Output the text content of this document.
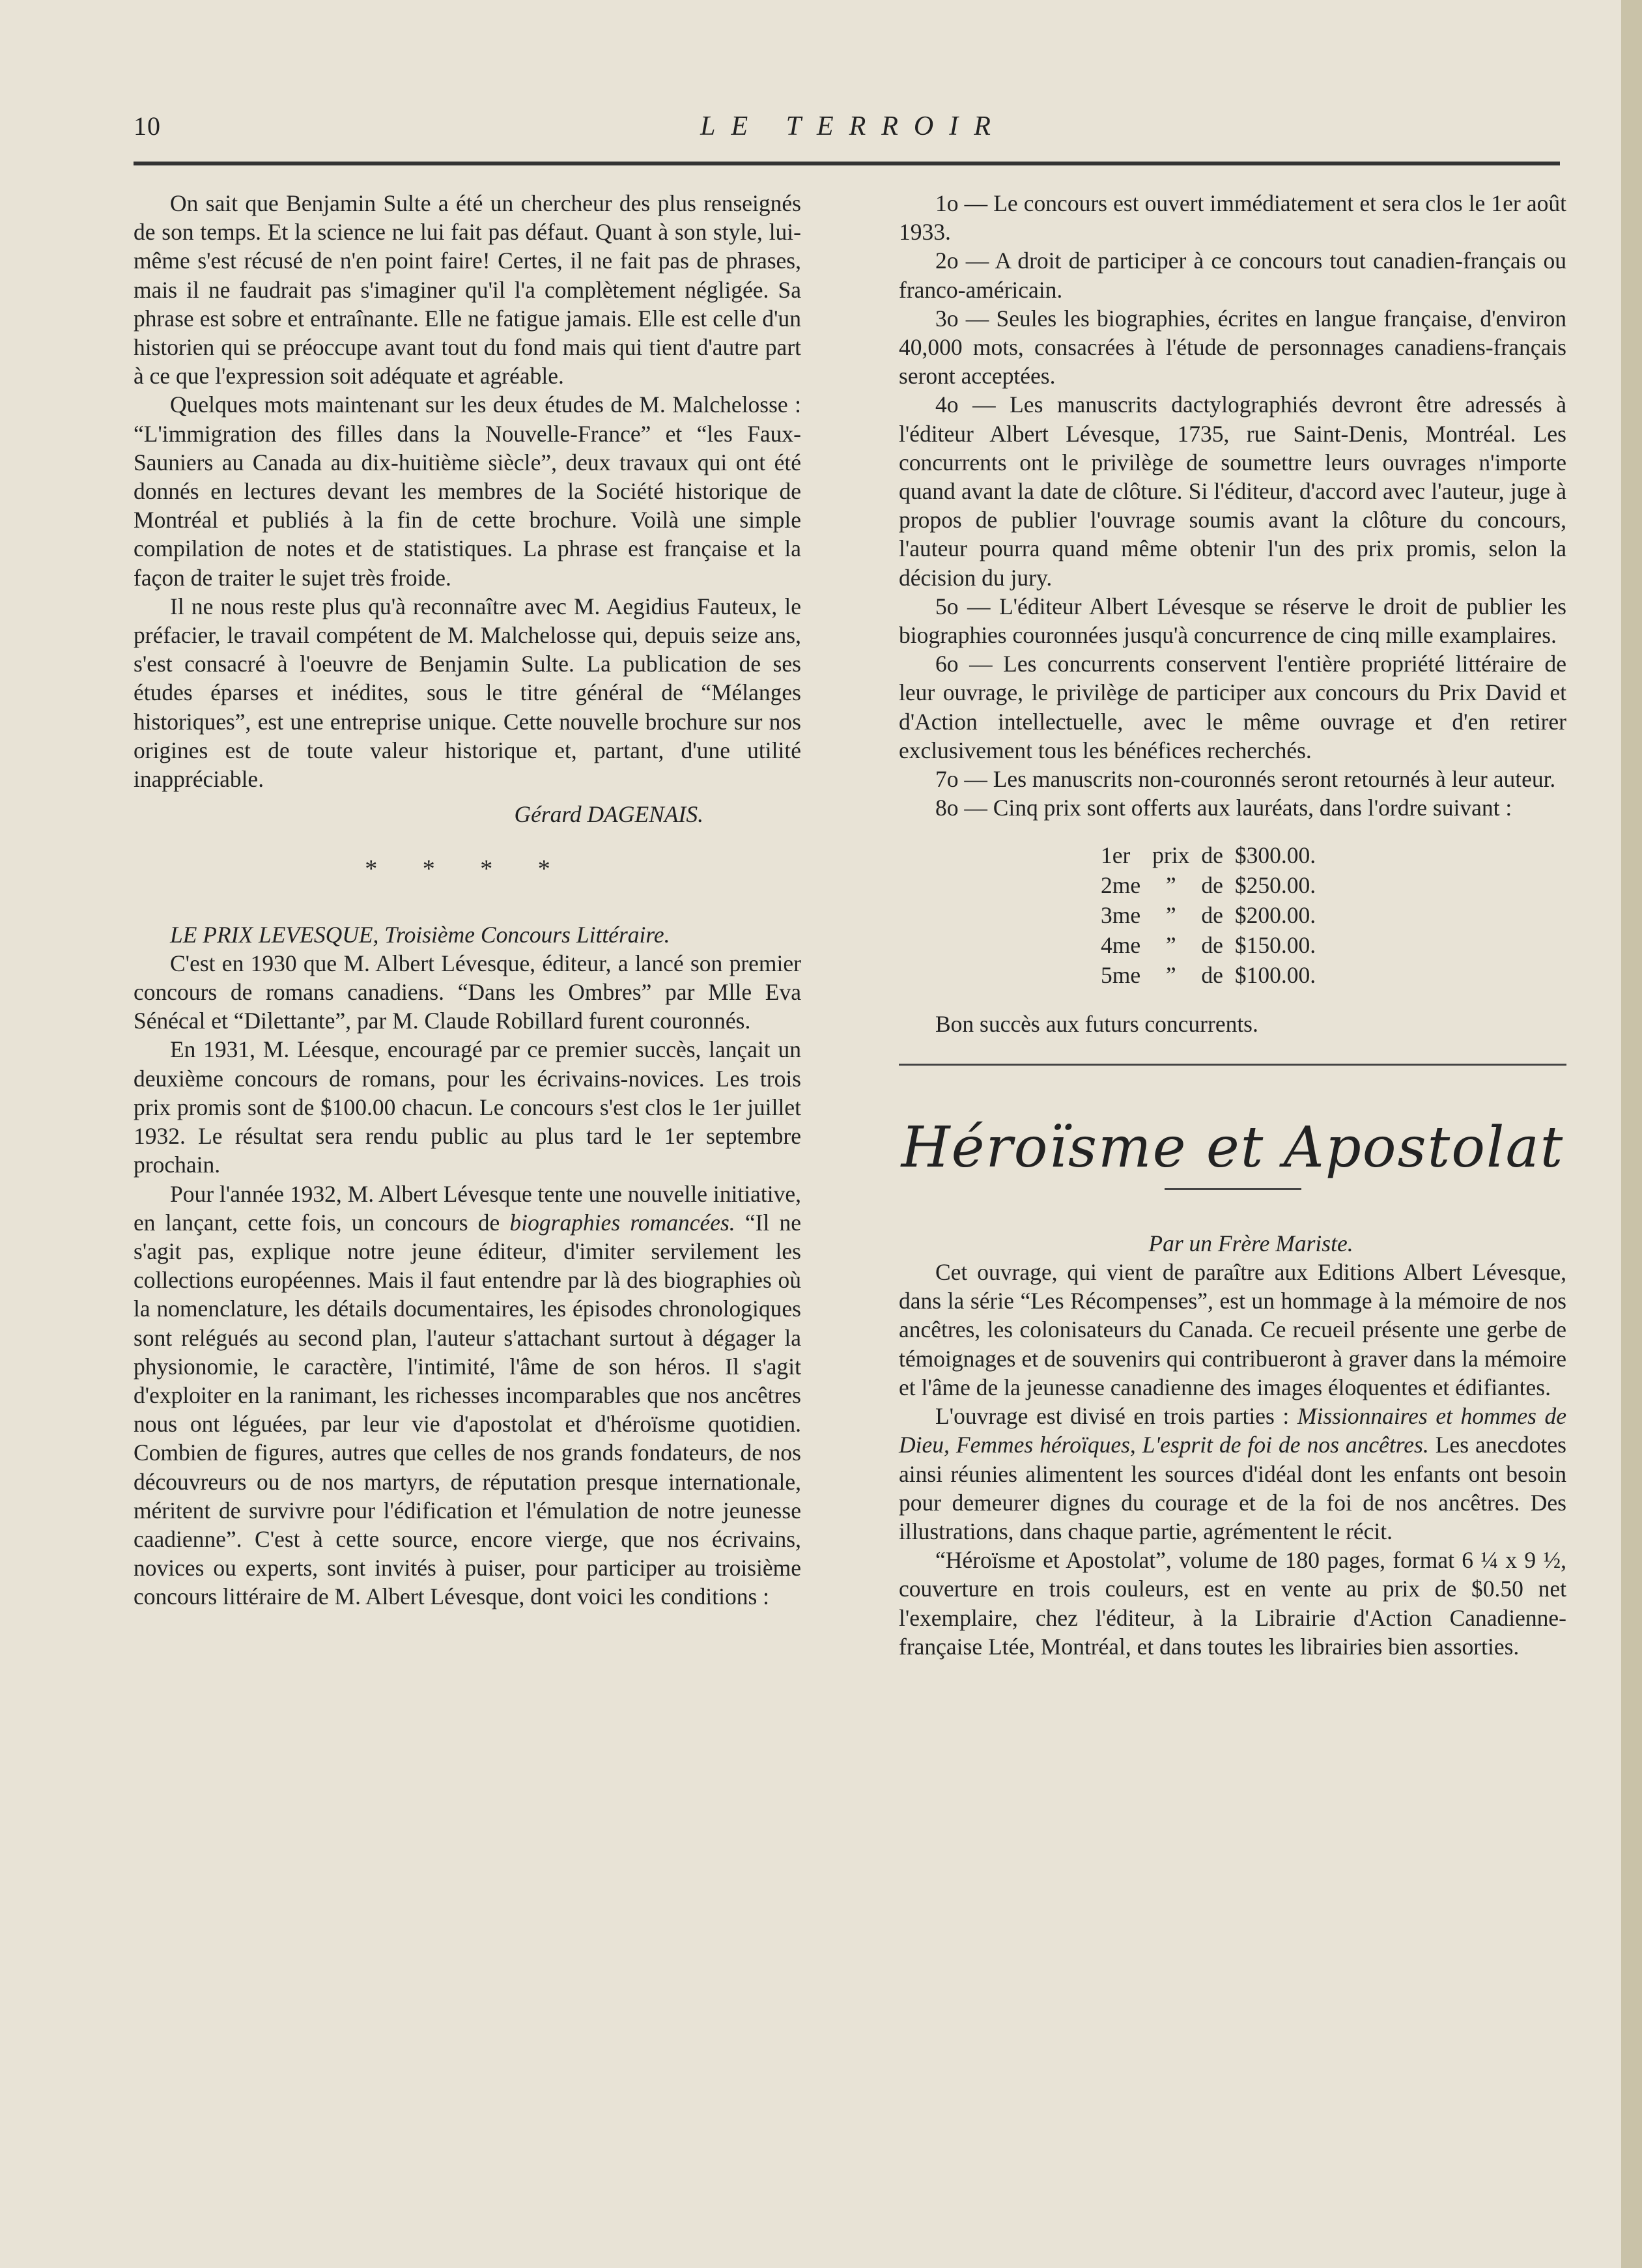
10	LE TERROIR

On sait que Benjamin Sulte a été un chercheur des plus renseignés de son temps. Et la science ne lui fait pas défaut. Quant à son style, lui-même s'est récusé de n'en point faire! Certes, il ne fait pas de phrases, mais il ne faudrait pas s'imaginer qu'il l'a complètement négligée. Sa phrase est sobre et entraînante. Elle ne fatigue jamais. Elle est celle d'un historien qui se préoccupe avant tout du fond mais qui tient d'autre part à ce que l'expression soit adéquate et agréable.

Quelques mots maintenant sur les deux études de M. Malchelosse : “L'immigration des filles dans la Nouvelle-France” et “les Faux-Sauniers au Canada au dix-huitième siècle”, deux travaux qui ont été donnés en lectures devant les membres de la Société historique de Montréal et publiés à la fin de cette brochure. Voilà une simple compilation de notes et de statistiques. La phrase est française et la façon de traiter le sujet très froide.

Il ne nous reste plus qu'à reconnaître avec M. Aegidius Fauteux, le préfacier, le travail compétent de M. Malchelosse qui, depuis seize ans, s'est consacré à l'oeuvre de Benjamin Sulte. La publication de ses études éparses et inédites, sous le titre général de “Mélanges historiques”, est une entreprise unique. Cette nouvelle brochure sur nos origines est de toute valeur historique et, partant, d'une utilité inappréciable.

Gérard DAGENAIS.
* * * *

LE PRIX LEVESQUE, Troisième Concours Littéraire.

C'est en 1930 que M. Albert Lévesque, éditeur, a lancé son premier concours de romans canadiens. “Dans les Ombres” par Mlle Eva Sénécal et “Dilettante”, par M. Claude Robillard furent couronnés.

En 1931, M. Léesque, encouragé par ce premier succès, lançait un deuxième concours de romans, pour les écrivains-novices. Les trois prix promis sont de $100.00 chacun. Le concours s'est clos le 1er juillet 1932. Le résultat sera rendu public au plus tard le 1er septembre prochain.

Pour l'année 1932, M. Albert Lévesque tente une nouvelle initiative, en lançant, cette fois, un concours de biographies romancées. “Il ne s'agit pas, explique notre jeune éditeur, d'imiter servilement les collections européennes. Mais il faut entendre par là des biographies où la nomenclature, les détails documentaires, les épisodes chronologiques sont relégués au second plan, l'auteur s'attachant surtout à dégager la physionomie, le caractère, l'intimité, l'âme de son héros. Il s'agit d'exploiter en la ranimant, les richesses incomparables que nos ancêtres nous ont léguées, par leur vie d'apostolat et d'héroïsme quotidien. Combien de figures, autres que celles de nos grands fondateurs, de nos découvreurs ou de nos martyrs, de réputation presque internationale, méritent de survivre pour l'édification et l'émulation de notre jeunesse caadienne”. C'est à cette source, encore vierge, que nos écrivains, novices ou experts, sont invités à puiser, pour participer au troisième concours littéraire de M. Albert Lévesque, dont voici les conditions :

1o — Le concours est ouvert immédiatement et sera clos le 1er août 1933.

2o — A droit de participer à ce concours tout canadien-français ou franco-américain.

3o — Seules les biographies, écrites en langue française, d'environ 40,000 mots, consacrées à l'étude de personnages canadiens-français seront acceptées.

4o — Les manuscrits dactylographiés devront être adressés à l'éditeur Albert Lévesque, 1735, rue Saint-Denis, Montréal. Les concurrents ont le privilège de soumettre leurs ouvrages n'importe quand avant la date de clôture. Si l'éditeur, d'accord avec l'auteur, juge à propos de publier l'ouvrage soumis avant la clôture du concours, l'auteur pourra quand même obtenir l'un des prix promis, selon la décision du jury.

5o — L'éditeur Albert Lévesque se réserve le droit de publier les biographies couronnées jusqu'à concurrence de cinq mille examplaires.

6o — Les concurrents conservent l'entière propriété littéraire de leur ouvrage, le privilège de participer aux concours du Prix David et d'Action intellectuelle, avec le même ouvrage et d'en retirer exclusivement tous les bénéfices recherchés.

7o — Les manuscrits non-couronnés seront retournés à leur auteur.

8o — Cinq prix sont offerts aux lauréats, dans l'ordre suivant :

1er	prix	de	$300.00.
2me	”	de	$250.00.
3me	”	de	$200.00.
4me	”	de	$150.00.
5me	”	de	$100.00.

Bon succès aux futurs concurrents.

Héroïsme et Apostolat

Par un Frère Mariste.

Cet ouvrage, qui vient de paraître aux Editions Albert Lévesque, dans la série “Les Récompenses”, est un hommage à la mémoire de nos ancêtres, les colonisateurs du Canada. Ce recueil présente une gerbe de témoignages et de souvenirs qui contribueront à graver dans la mémoire et l'âme de la jeunesse canadienne des images éloquentes et édifiantes.

L'ouvrage est divisé en trois parties : Missionnaires et hommes de Dieu, Femmes héroïques, L'esprit de foi de nos ancêtres. Les anecdotes ainsi réunies alimentent les sources d'idéal dont les enfants ont besoin pour demeurer dignes du courage et de la foi de nos ancêtres. Des illustrations, dans chaque partie, agrémentent le récit.

“Héroïsme et Apostolat”, volume de 180 pages, format 6 ¼ x 9 ½, couverture en trois couleurs, est en vente au prix de $0.50 net l'exemplaire, chez l'éditeur, à la Librairie d'Action Canadienne-française Ltée, Montréal, et dans toutes les librairies bien assorties.
